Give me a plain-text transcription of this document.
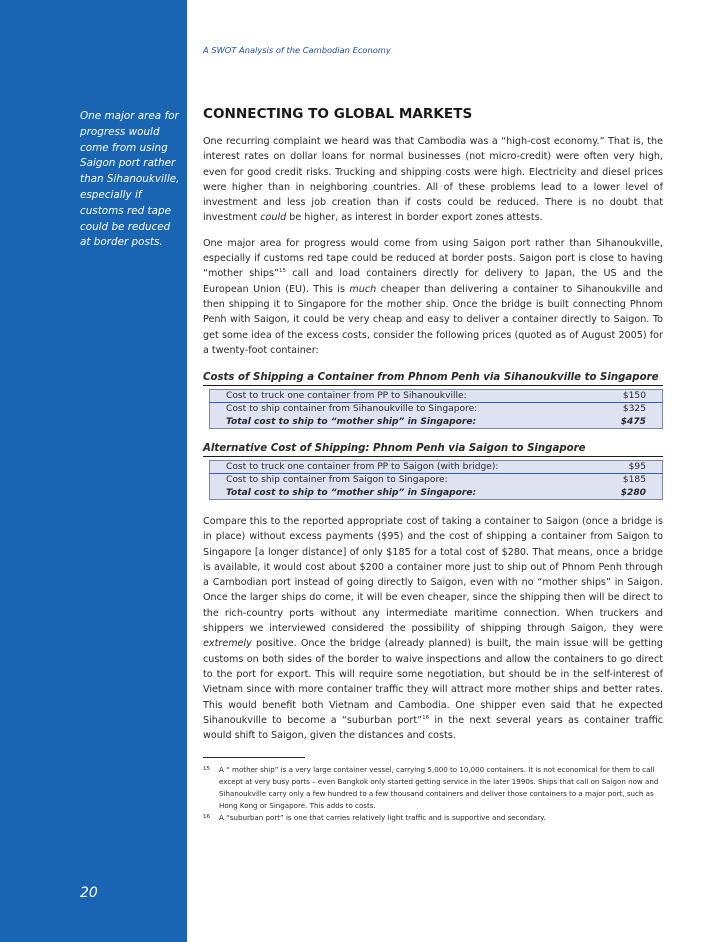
A SWOT Analysis of the Cambodian Economy
One major area for progress would come from using Saigon port rather than Sihanoukville, especially if customs red tape could be reduced at border posts.
20
CONNECTING TO GLOBAL MARKETS

One recurring complaint we heard was that Cambodia was a “high-cost economy.” That is, the interest rates on dollar loans for normal businesses (not micro-credit) were often very high, even for good credit risks. Trucking and shipping costs were high. Electricity and diesel prices were higher than in neighboring countries. All of these problems lead to a lower level of investment and less job creation than if costs could be reduced. There is no doubt that investment could be higher, as interest in border export zones attests.

One major area for progress would come from using Saigon port rather than Sihanoukville, especially if customs red tape could be reduced at border posts. Saigon port is close to having “mother ships”$^{15}$ call and load containers directly for delivery to Japan, the US and the European Union (EU). This is much cheaper than delivering a container to Sihanoukville and then shipping it to Singapore for the mother ship. Once the bridge is built connecting Phnom Penh with Saigon, it could be very cheap and easy to deliver a container directly to Saigon. To get some idea of the excess costs, consider the following prices (quoted as of August 2005) for a twenty-foot container:

Costs of Shipping a Container from Phnom Penh via Sihanoukville to Singapore
Cost to truck one container from PP to Sihanoukville:	$150
Cost to ship container from Sihanoukville to Singapore:	$325
Total cost to ship to “mother ship” in Singapore:	$475
Alternative Cost of Shipping: Phnom Penh via Saigon to Singapore
Cost to truck one container from PP to Saigon (with bridge):	$95
Cost to ship container from Saigon to Singapore:	$185
Total cost to ship to “mother ship” in Singapore:	$280

Compare this to the reported appropriate cost of taking a container to Saigon (once a bridge is in place) without excess payments ($95) and the cost of shipping a container from Saigon to Singapore [a longer distance] of only $185 for a total cost of $280. That means, once a bridge is available, it would cost about $200 a container more just to ship out of Phnom Penh through a Cambodian port instead of going directly to Saigon, even with no “mother ships” in Saigon. Once the larger ships do come, it will be even cheaper, since the shipping then will be direct to the rich-country ports without any intermediate maritime connection. When truckers and shippers we interviewed considered the possibility of shipping through Saigon, they were extremely positive. Once the bridge (already planned) is built, the main issue will be getting customs on both sides of the border to waive inspections and allow the containers to go direct to the port for export. This will require some negotiation, but should be in the self-interest of Vietnam since with more container traffic they will attract more mother ships and better rates. This would benefit both Vietnam and Cambodia. One shipper even said that he expected Sihanoukville to become a “suburban port”$^{16}$ in the next several years as container traffic would shift to Saigon, given the distances and costs.

15	A “ mother ship” is a very large container vessel, carrying 5,000 to 10,000 containers. It is not economical for them to call except at very busy ports – even Bangkok only started getting service in the later 1990s. Ships that call on Saigon now and Sihanoukville carry only a few hundred to a few thousand containers and deliver those containers to a major port, such as Hong Kong or Singapore. This adds to costs.
16	A “suburban port” is one that carries relatively light traffic and is supportive and secondary.
